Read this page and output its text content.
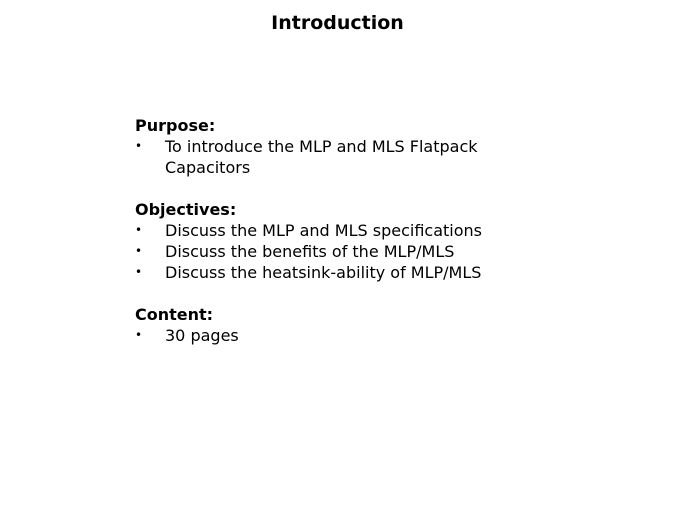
Introduction
Purpose:
•	To introduce the MLP and MLS Flatpack Capacitors
Objectives:
•	Discuss the MLP and MLS specifications
•	Discuss the benefits of the MLP/MLS
•	Discuss the heatsink-ability of MLP/MLS
Content:
•	30 pages
